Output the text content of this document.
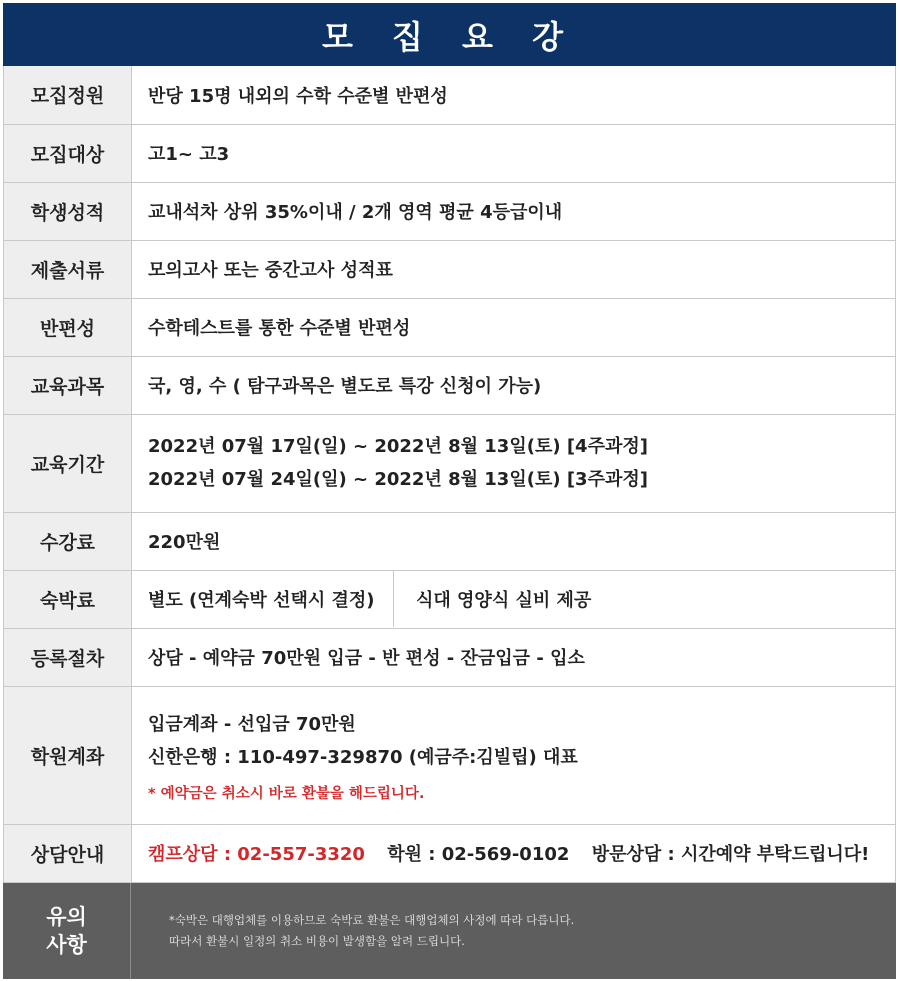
모 집 요 강
모집정원	반당 15명 내외의 수학 수준별 반편성
모집대상	고1~ 고3
학생성적	교내석차 상위 35%이내 / 2개 영역 평균 4등급이내
제출서류	모의고사 또는 중간고사 성적표
반편성	수학테스트를 통한 수준별 반편성
교육과목	국, 영, 수 ( 탐구과목은 별도로 특강 신청이 가능)
교육기간	2022년 07월 17일(일) ~ 2022년 8월 13일(토) [4주과정]
2022년 07월 24일(일) ~ 2022년 8월 13일(토) [3주과정]

수강료	220만원
숙박료	별도 (연계숙박 선택시 결정) 식대 영양식 실비 제공

등록절차	상담 - 예약금 70만원 입금 - 반 편성 - 잔금입금 - 입소
학원계좌	입금계좌 - 선입금 70만원
신한은행 : 110-497-329870 (예금주:김빌립) 대표
* 예약금은 취소시 바로 환불을 해드립니다.

상담안내	캠프상담 : 02-557-3320 학원 : 02-569-0102 방문상담 : 시간예약 부탁드립니다!
유의
사항
*숙박은 대행업체를 이용하므로 숙박료 환불은 대행업체의 사정에 따라 다릅니다.
따라서 환불시 일정의 취소 비용이 발생함을 알려 드립니다.
